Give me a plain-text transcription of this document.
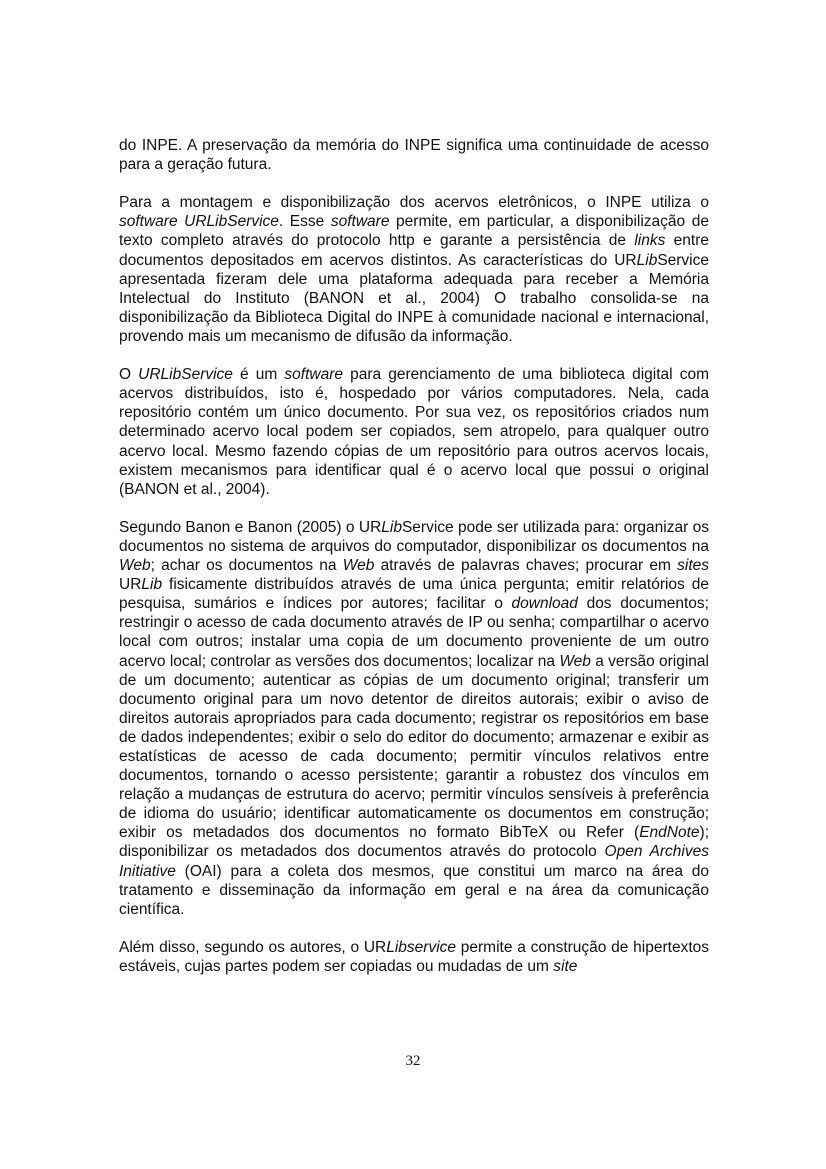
do INPE. A preservação da memória do INPE significa uma continuidade de acesso para a geração futura.

Para a montagem e disponibilização dos acervos eletrônicos, o INPE utiliza o software URLibService. Esse software permite, em particular, a disponibilização de texto completo através do protocolo http e garante a persistência de links entre documentos depositados em acervos distintos. As características do URLibService apresentada fizeram dele uma plataforma adequada para receber a Memória Intelectual do Instituto (BANON et al., 2004) O trabalho consolida-se na disponibilização da Biblioteca Digital do INPE à comunidade nacional e internacional, provendo mais um mecanismo de difusão da informação.

O URLibService é um software para gerenciamento de uma biblioteca digital com acervos distribuídos, isto é, hospedado por vários computadores. Nela, cada repositório contém um único documento. Por sua vez, os repositórios criados num determinado acervo local podem ser copiados, sem atropelo, para qualquer outro acervo local. Mesmo fazendo cópias de um repositório para outros acervos locais, existem mecanismos para identificar qual é o acervo local que possui o original (BANON et al., 2004).

Segundo Banon e Banon (2005) o URLibService pode ser utilizada para: organizar os documentos no sistema de arquivos do computador, disponibilizar os documentos na Web; achar os documentos na Web através de palavras chaves; procurar em sites URLib fisicamente distribuídos através de uma única pergunta; emitir relatórios de pesquisa, sumários e índices por autores; facilitar o download dos documentos; restringir o acesso de cada documento através de IP ou senha; compartilhar o acervo local com outros; instalar uma copia de um documento proveniente de um outro acervo local; controlar as versões dos documentos; localizar na Web a versão original de um documento; autenticar as cópias de um documento original; transferir um documento original para um novo detentor de direitos autorais; exibir o aviso de direitos autorais apropriados para cada documento; registrar os repositórios em base de dados independentes; exibir o selo do editor do documento; armazenar e exibir as estatísticas de acesso de cada documento; permitir vínculos relativos entre documentos, tornando o acesso persistente; garantir a robustez dos vínculos em relação a mudanças de estrutura do acervo; permitir vínculos sensíveis à preferência de idioma do usuário; identificar automaticamente os documentos em construção; exibir os metadados dos documentos no formato BibTeX ou Refer (EndNote); disponibilizar os metadados dos documentos através do protocolo Open Archives Initiative (OAI) para a coleta dos mesmos, que constitui um marco na área do tratamento e disseminação da informação em geral e na área da comunicação científica.

Além disso, segundo os autores, o URLibservice permite a construção de hipertextos estáveis, cujas partes podem ser copiadas ou mudadas de um site

32
